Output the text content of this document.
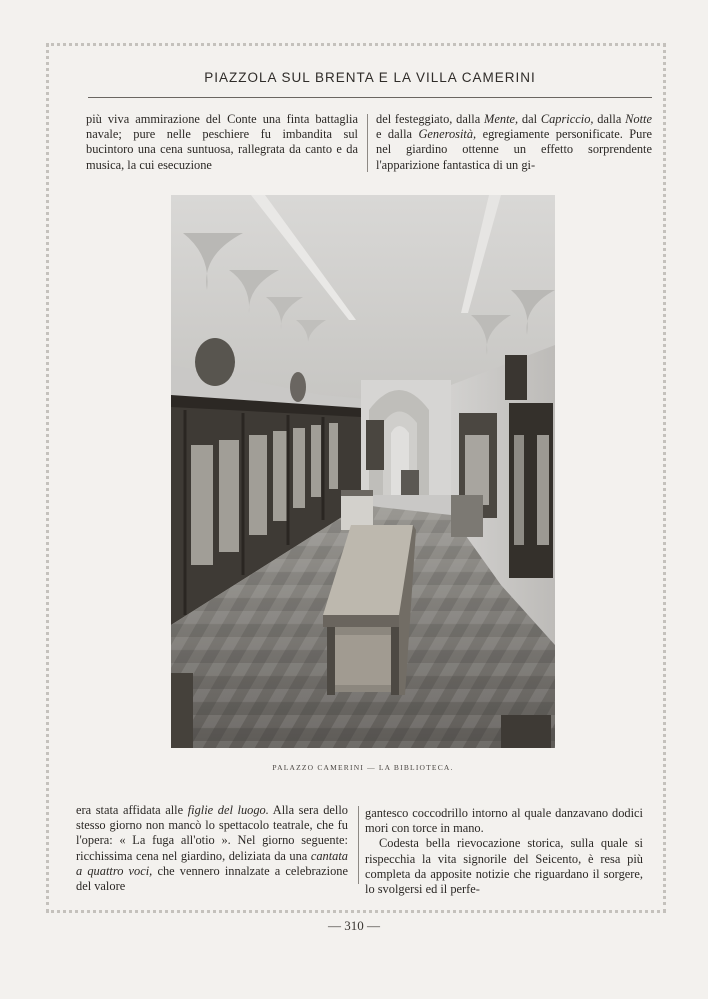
PIAZZOLA SUL BRENTA E LA VILLA CAMERINI

più viva ammirazione del Conte una finta battaglia navale; pure nelle peschiere fu imbandita sul bucintoro una cena suntuosa, rallegrata da canto e da musica, la cui esecuzione

del festeggiato, dalla Mente, dal Capriccio, dalla Notte e dalla Generosità, egregiamente personificate. Pure nel giardino ottenne un effetto sorprendente l'apparizione fantastica di un gi-

PALAZZO CAMERINI — LA BIBLIOTECA.

era stata affidata alle figlie del luogo. Alla sera dello stesso giorno non mancò lo spettacolo teatrale, che fu l'opera: « La fuga all'otio ». Nel giorno seguente: ricchissima cena nel giardino, deliziata da una cantata a quattro voci, che vennero innalzate a celebrazione del valore

gantesco coccodrillo intorno al quale danzavano dodici mori con torce in mano.

Codesta bella rievocazione storica, sulla quale si rispecchia la vita signorile del Seicento, è resa più completa da apposite notizie che riguardano il sorgere, lo svolgersi ed il perfe-

— 310 —
